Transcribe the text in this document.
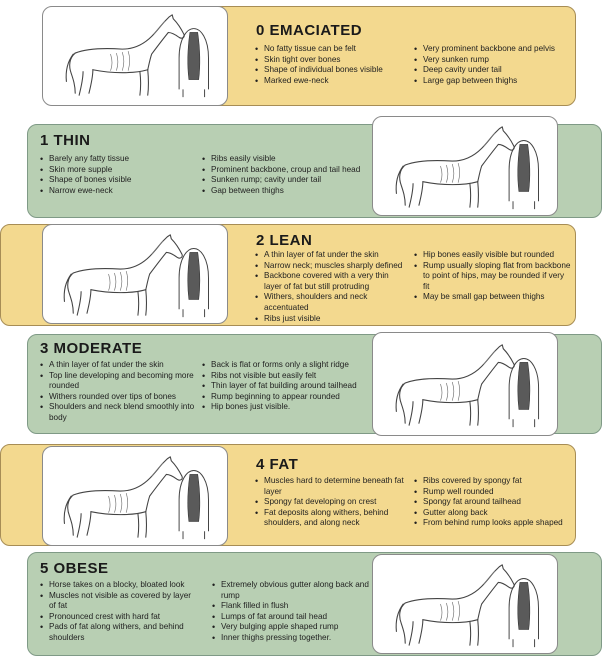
0 EMACIATED
• No fatty tissue can be felt
• Skin tight over bones
• Shape of individual bones visible
• Marked ewe-neck
• Very prominent backbone and pelvis
• Very sunken rump
• Deep cavity under tail
• Large gap between thighs
1 THIN
• Barely any fatty tissue
• Skin more supple
• Shape of bones visible
• Narrow ewe-neck
• Ribs easily visible
• Prominent backbone, croup and tail head
• Sunken rump; cavity under tail
• Gap between thighs
2 LEAN
• A thin layer of fat under the skin
• Narrow neck; muscles sharply defined
• Backbone covered with a very thin layer of fat but still protruding
• Withers, shoulders and neck accentuated
• Ribs just visible
• Hip bones easily visible but rounded
• Rump usually sloping flat from backbone to point of hips, may be rounded if very fit
• May be small gap between thighs
3 MODERATE
• A thin layer of fat under the skin
• Top line developing and becoming more rounded
• Withers rounded over tips of bones
• Shoulders and neck blend smoothly into body
• Back is flat or forms only a slight ridge
• Ribs not visible but easily felt
• Thin layer of fat building around tailhead
• Rump beginning to appear rounded
• Hip bones just visible.
4 FAT
• Muscles hard to determine beneath fat layer
• Spongy fat developing on crest
• Fat deposits along withers, behind shoulders, and along neck
• Ribs covered by spongy fat
• Rump well rounded
• Spongy fat around tailhead
• Gutter along back
• From behind rump looks apple shaped
5 OBESE
• Horse takes on a blocky, bloated look
• Muscles not visible as covered by layer of fat
• Pronounced crest with hard fat
• Pads of fat along withers, and behind shoulders
• Extremely obvious gutter along back and rump
• Flank filled in flush
• Lumps of fat around tail head
• Very bulging apple shaped rump
• Inner thighs pressing together.
